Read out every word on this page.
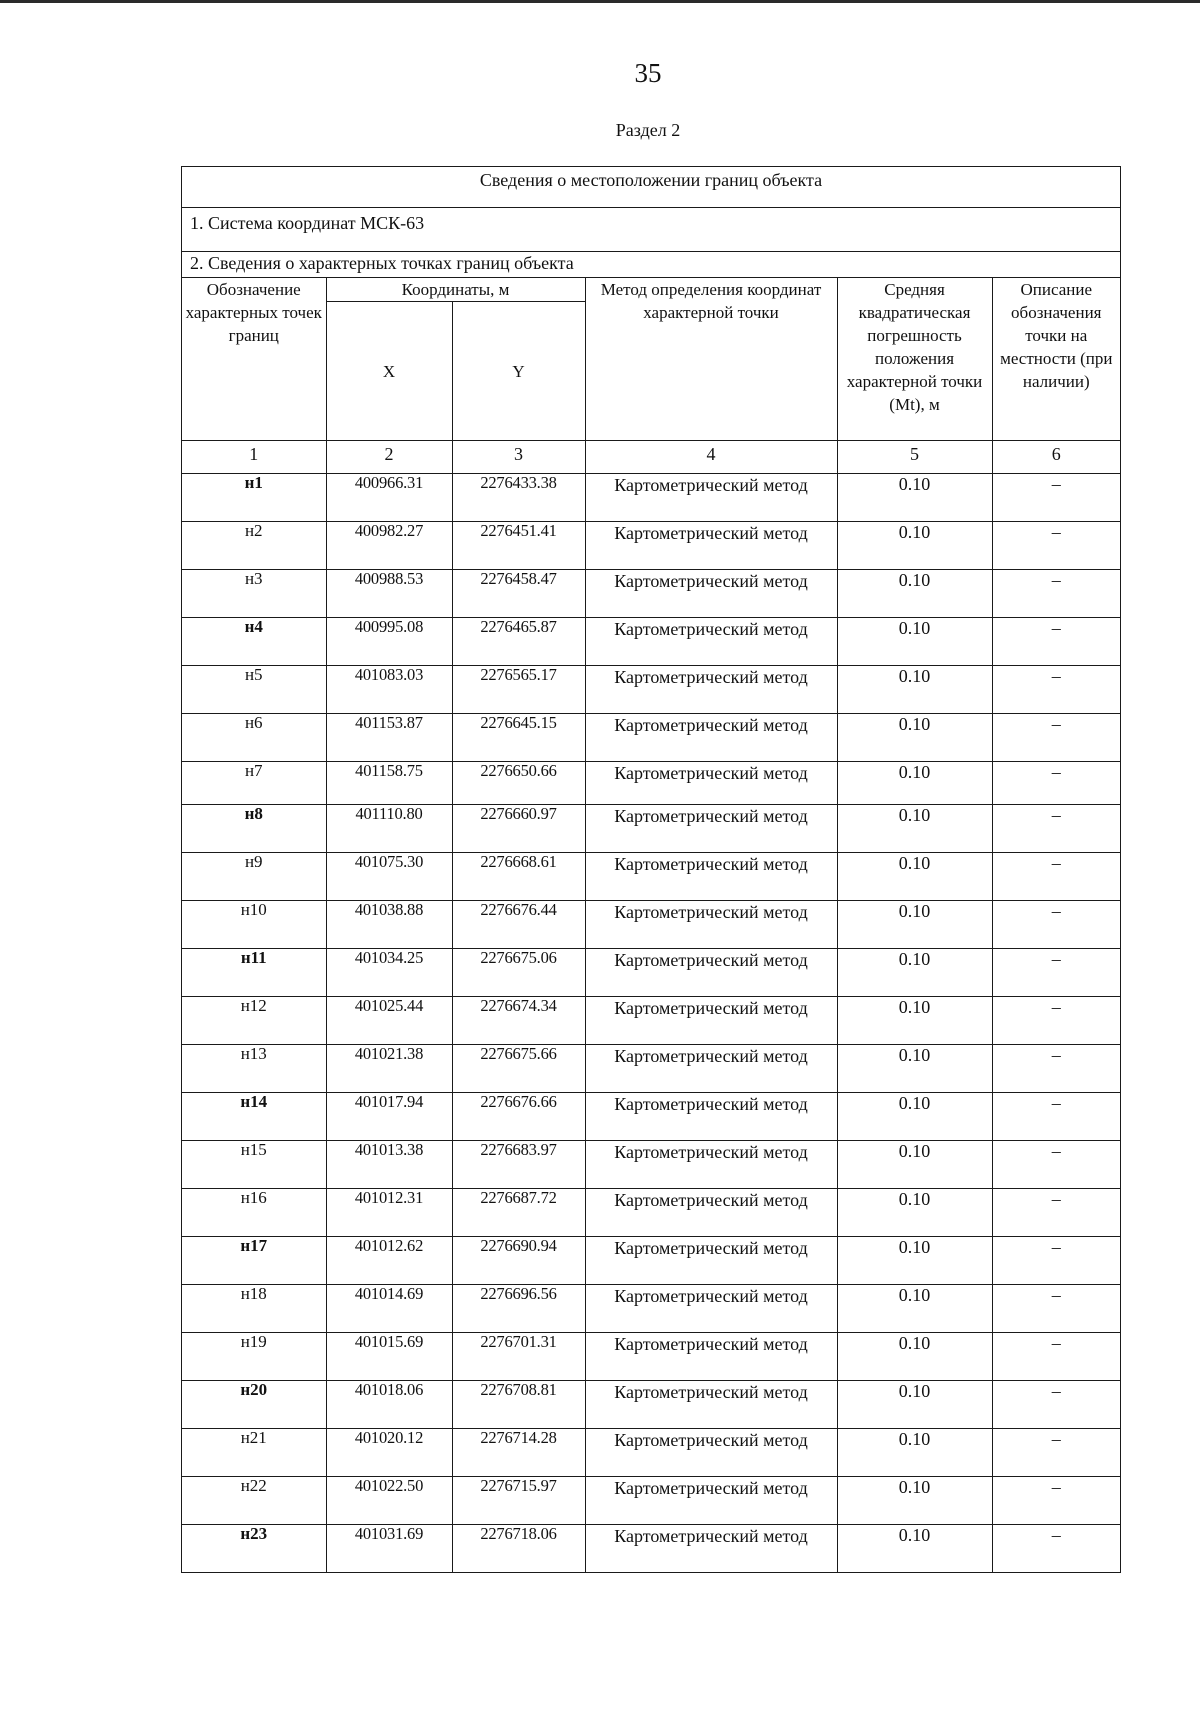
35
Раздел 2
Сведения о местоположении границ объекта
1. Система координат МСК-63
2. Сведения о характерных точках границ объекта
Обозначение характерных точек границ	Координаты, м		Метод определения координат характерной точки	Средняя квадратическая погрешность положения характерной точки (Mt), м	Описание обозначения точки на местности (при наличии)
	X	Y			
1	2	3	4	5	6
н1	400966.31	2276433.38	Картометрический метод	0.10	–
н2	400982.27	2276451.41	Картометрический метод	0.10	–
н3	400988.53	2276458.47	Картометрический метод	0.10	–
н4	400995.08	2276465.87	Картометрический метод	0.10	–
н5	401083.03	2276565.17	Картометрический метод	0.10	–
н6	401153.87	2276645.15	Картометрический метод	0.10	–
н7	401158.75	2276650.66	Картометрический метод	0.10	–
н8	401110.80	2276660.97	Картометрический метод	0.10	–
н9	401075.30	2276668.61	Картометрический метод	0.10	–
н10	401038.88	2276676.44	Картометрический метод	0.10	–
н11	401034.25	2276675.06	Картометрический метод	0.10	–
н12	401025.44	2276674.34	Картометрический метод	0.10	–
н13	401021.38	2276675.66	Картометрический метод	0.10	–
н14	401017.94	2276676.66	Картометрический метод	0.10	–
н15	401013.38	2276683.97	Картометрический метод	0.10	–
н16	401012.31	2276687.72	Картометрический метод	0.10	–
н17	401012.62	2276690.94	Картометрический метод	0.10	–
н18	401014.69	2276696.56	Картометрический метод	0.10	–
н19	401015.69	2276701.31	Картометрический метод	0.10	–
н20	401018.06	2276708.81	Картометрический метод	0.10	–
н21	401020.12	2276714.28	Картометрический метод	0.10	–
н22	401022.50	2276715.97	Картометрический метод	0.10	–
н23	401031.69	2276718.06	Картометрический метод	0.10	–
